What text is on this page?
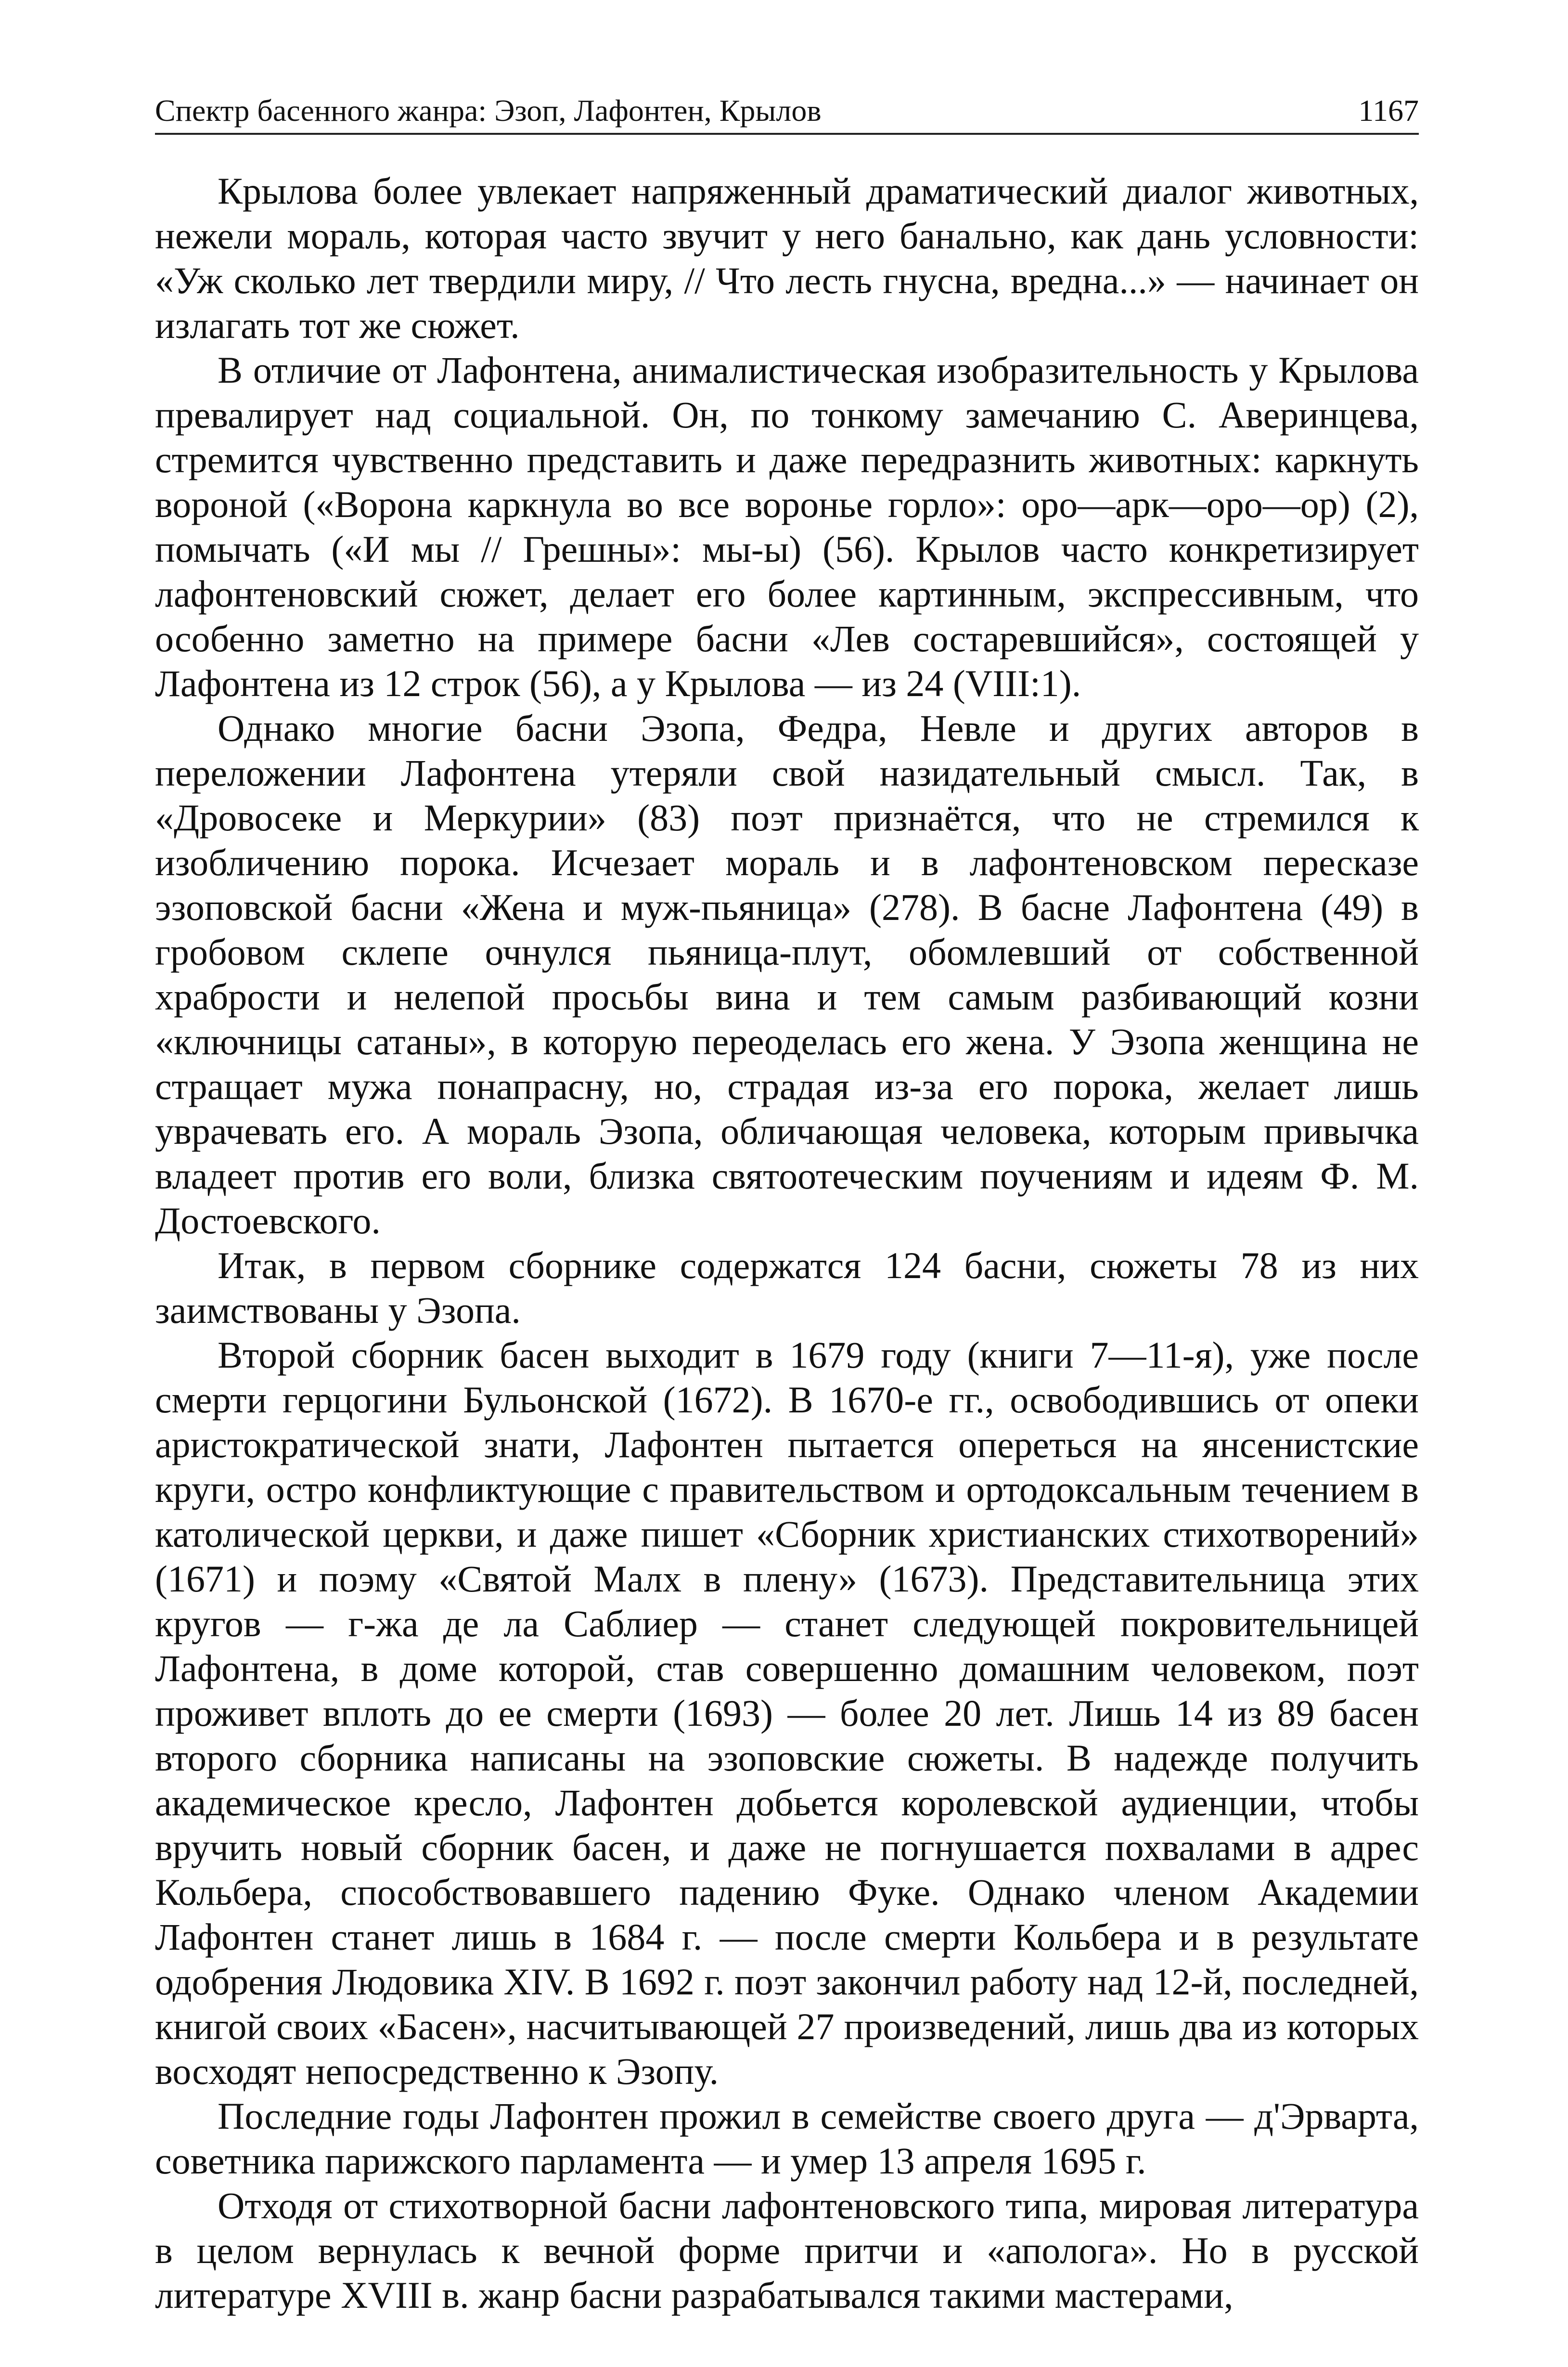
Спектр басенного жанра: Эзоп, Лафонтен, Крылов	1167

Крылова более увлекает напряженный драматический диалог животных, нежели мораль, которая часто звучит у него банально, как дань условности: «Уж сколько лет твердили миру, // Что лесть гнусна, вредна...» — начинает он излагать тот же сюжет.

В отличие от Лафонтена, анималистическая изобразительность у Крылова превалирует над социальной. Он, по тонкому замечанию С. Аверинцева, стремится чувственно представить и даже передразнить животных: каркнуть вороной («Ворона каркнула во все воронье горло»: оро—арк—оро—ор) (2), помычать («И мы // Грешны»: мы-ы) (56). Крылов часто конкретизирует лафонтеновский сюжет, делает его более картинным, экспрессивным, что особенно заметно на примере басни «Лев состаревшийся», состоящей у Лафонтена из 12 строк (56), а у Крылова — из 24 (VIII:1).

Однако многие басни Эзопа, Федра, Невле и других авторов в переложении Лафонтена утеряли свой назидательный смысл. Так, в «Дровосеке и Меркурии» (83) поэт признаётся, что не стремился к изобличению порока. Исчезает мораль и в лафонтеновском пересказе эзоповской басни «Жена и муж-пьяница» (278). В басне Лафонтена (49) в гробовом склепе очнулся пьяница-плут, обомлевший от собственной храбрости и нелепой просьбы вина и тем самым разбивающий козни «ключницы сатаны», в которую переоделась его жена. У Эзопа женщина не стращает мужа понапрасну, но, страдая из-за его порока, желает лишь уврачевать его. А мораль Эзопа, обличающая человека, которым привычка владеет против его воли, близка святоотеческим поучениям и идеям Ф. М. Достоевского.

Итак, в первом сборнике содержатся 124 басни, сюжеты 78 из них заимствованы у Эзопа.

Второй сборник басен выходит в 1679 году (книги 7—11-я), уже после смерти герцогини Бульонской (1672). В 1670-е гг., освободившись от опеки аристократической знати, Лафонтен пытается опереться на янсенистские круги, остро конфликтующие с правительством и ортодоксальным течением в католической церкви, и даже пишет «Сборник христианских стихотворений» (1671) и поэму «Святой Малх в плену» (1673). Представительница этих кругов — г-жа де ла Саблиер — станет следующей покровительницей Лафонтена, в доме которой, став совершенно домашним человеком, поэт проживет вплоть до ее смерти (1693) — более 20 лет. Лишь 14 из 89 басен второго сборника написаны на эзоповские сюжеты. В надежде получить академическое кресло, Лафонтен добьется королевской аудиенции, чтобы вручить новый сборник басен, и даже не погнушается похвалами в адрес Кольбера, способствовавшего падению Фуке. Однако членом Академии Лафонтен станет лишь в 1684 г. — после смерти Кольбера и в результате одобрения Людовика XIV. В 1692 г. поэт закончил работу над 12-й, последней, книгой своих «Басен», насчитывающей 27 произведений, лишь два из которых восходят непосредственно к Эзопу.

Последние годы Лафонтен прожил в семействе своего друга — д'Эрварта, советника парижского парламента — и умер 13 апреля 1695 г.

Отходя от стихотворной басни лафонтеновского типа, мировая литература в целом вернулась к вечной форме притчи и «аполога». Но в русской литературе XVIII в. жанр басни разрабатывался такими мастерами,
